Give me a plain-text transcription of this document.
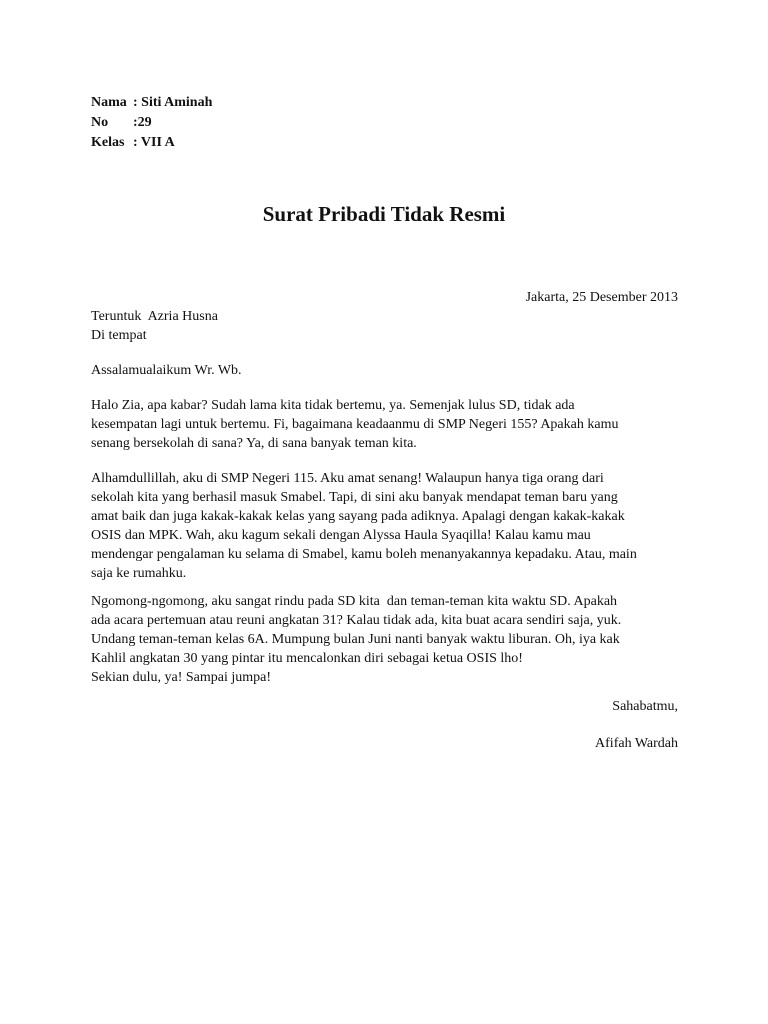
Nama : Siti Aminah
No :29
Kelas : VII A
Surat Pribadi Tidak Resmi
Jakarta, 25 Desember 2013
Teruntuk  Azria Husna
Di tempat
Assalamualaikum Wr. Wb.
Halo Zia, apa kabar? Sudah lama kita tidak bertemu, ya. Semenjak lulus SD, tidak ada
kesempatan lagi untuk bertemu. Fi, bagaimana keadaanmu di SMP Negeri 155? Apakah kamu
senang bersekolah di sana? Ya, di sana banyak teman kita.
Alhamdullillah, aku di SMP Negeri 115. Aku amat senang! Walaupun hanya tiga orang dari
sekolah kita yang berhasil masuk Smabel. Tapi, di sini aku banyak mendapat teman baru yang
amat baik dan juga kakak-kakak kelas yang sayang pada adiknya. Apalagi dengan kakak-kakak
OSIS dan MPK. Wah, aku kagum sekali dengan Alyssa Haula Syaqilla! Kalau kamu mau
mendengar pengalaman ku selama di Smabel, kamu boleh menanyakannya kepadaku. Atau, main
saja ke rumahku.
Ngomong-ngomong, aku sangat rindu pada SD kita  dan teman-teman kita waktu SD. Apakah
ada acara pertemuan atau reuni angkatan 31? Kalau tidak ada, kita buat acara sendiri saja, yuk.
Undang teman-teman kelas 6A. Mumpung bulan Juni nanti banyak waktu liburan. Oh, iya kak
Kahlil angkatan 30 yang pintar itu mencalonkan diri sebagai ketua OSIS lho!
Sekian dulu, ya! Sampai jumpa!
Sahabatmu,
Afifah Wardah
